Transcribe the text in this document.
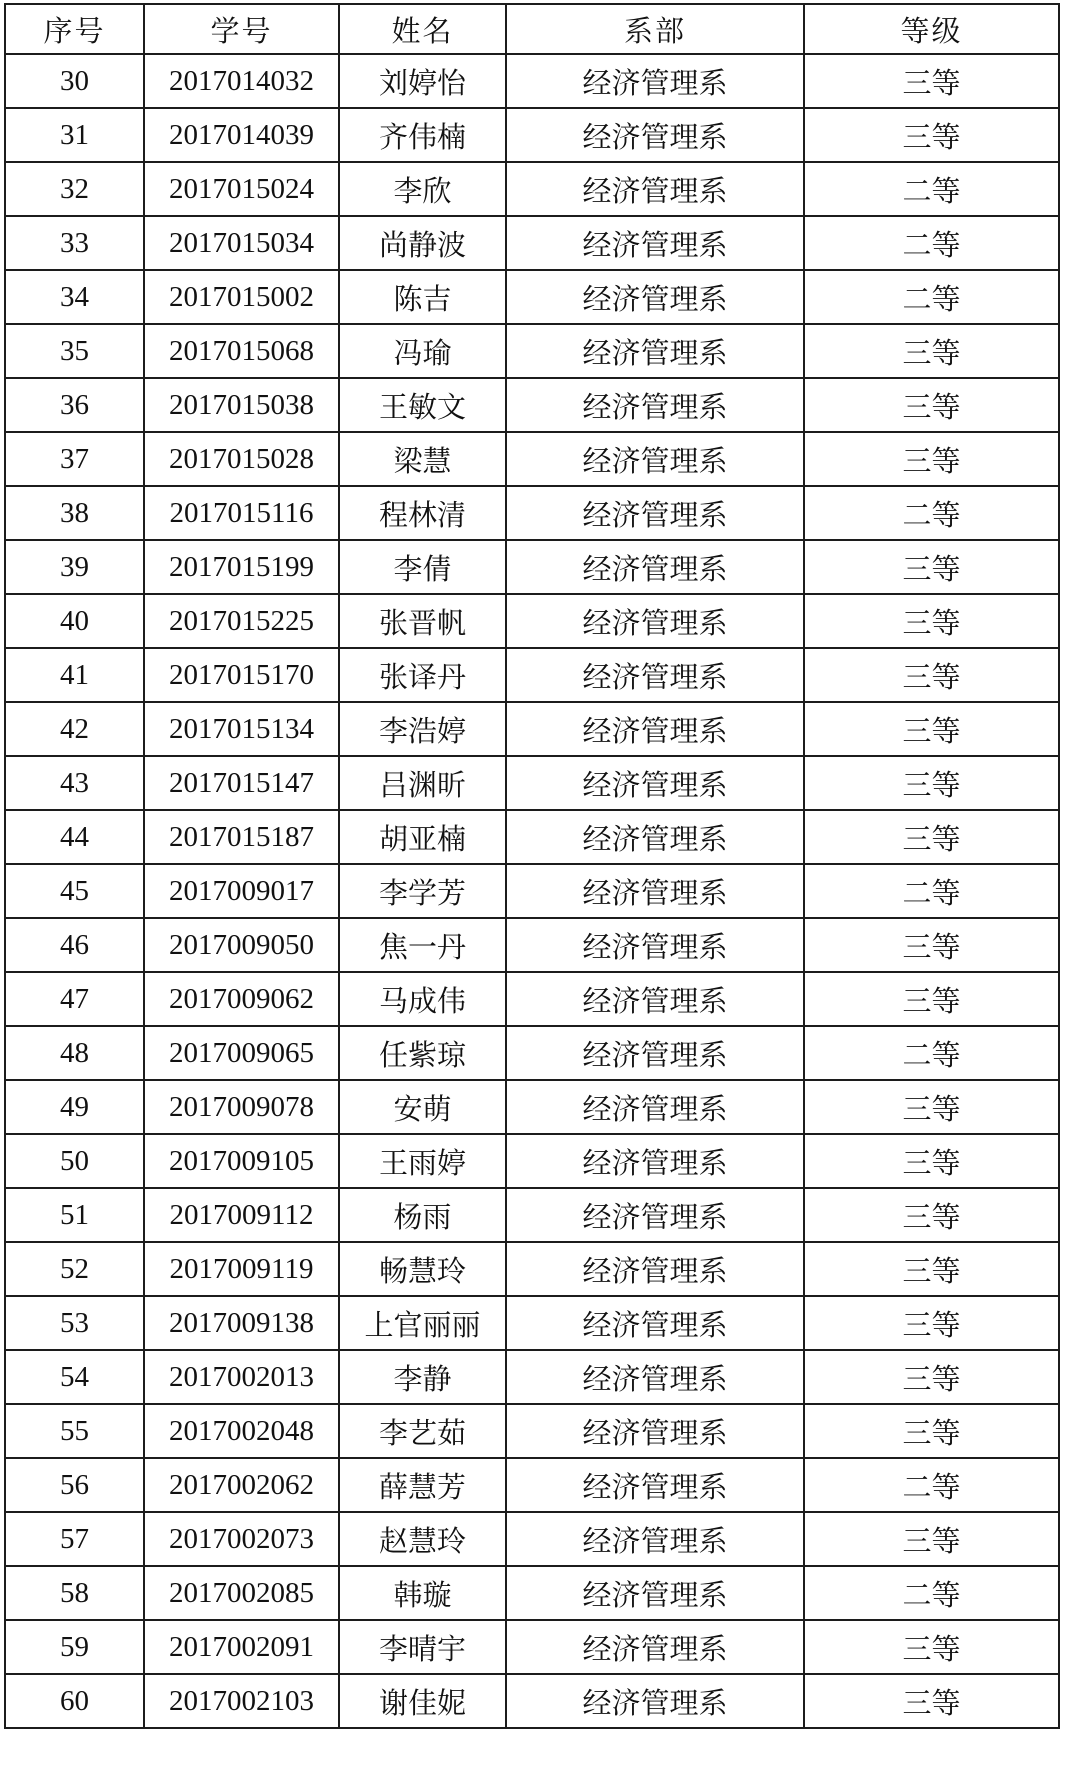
序号	学号	姓名	系部	等级
30	2017014032	刘婷怡	经济管理系	三等
31	2017014039	齐伟楠	经济管理系	三等
32	2017015024	李欣	经济管理系	二等
33	2017015034	尚静波	经济管理系	二等
34	2017015002	陈吉	经济管理系	二等
35	2017015068	冯瑜	经济管理系	三等
36	2017015038	王敏文	经济管理系	三等
37	2017015028	梁慧	经济管理系	三等
38	2017015116	程林清	经济管理系	二等
39	2017015199	李倩	经济管理系	三等
40	2017015225	张晋帆	经济管理系	三等
41	2017015170	张译丹	经济管理系	三等
42	2017015134	李浩婷	经济管理系	三等
43	2017015147	吕渊昕	经济管理系	三等
44	2017015187	胡亚楠	经济管理系	三等
45	2017009017	李学芳	经济管理系	二等
46	2017009050	焦一丹	经济管理系	三等
47	2017009062	马成伟	经济管理系	三等
48	2017009065	任紫琼	经济管理系	二等
49	2017009078	安萌	经济管理系	三等
50	2017009105	王雨婷	经济管理系	三等
51	2017009112	杨雨	经济管理系	三等
52	2017009119	畅慧玲	经济管理系	三等
53	2017009138	上官丽丽	经济管理系	三等
54	2017002013	李静	经济管理系	三等
55	2017002048	李艺茹	经济管理系	三等
56	2017002062	薛慧芳	经济管理系	二等
57	2017002073	赵慧玲	经济管理系	三等
58	2017002085	韩璇	经济管理系	二等
59	2017002091	李晴宇	经济管理系	三等
60	2017002103	谢佳妮	经济管理系	三等
